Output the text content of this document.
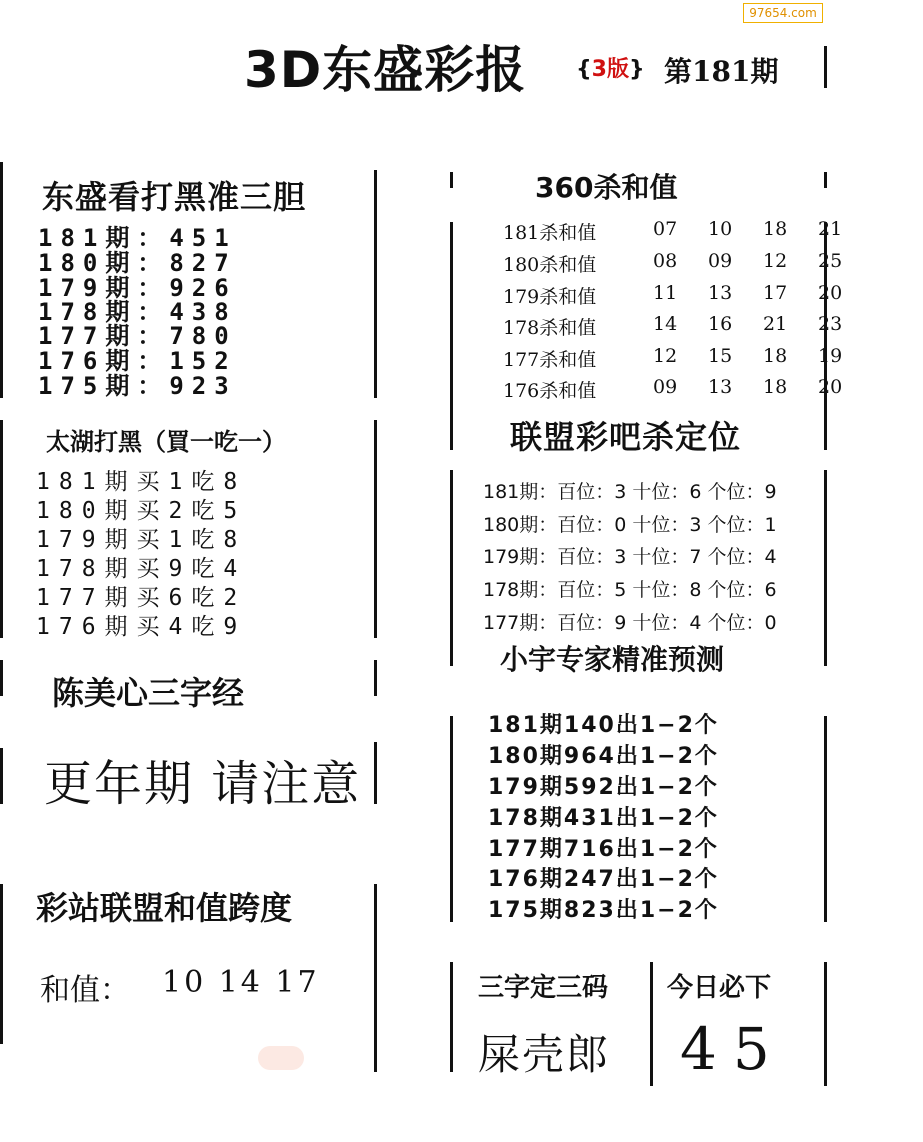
97654.com
3D东盛彩报 {3版} 第181期
东盛看打黑准三胆
181期：451
180期：827
179期：926
178期：438
177期：780
176期：152
175期：923
太湖打黑（買一吃一）
181期买1吃8
180期买2吃5
179期买1吃8
178期买9吃4
177期买6吃2
176期买4吃9
陈美心三字经
更年期 请注意
彩站联盟和值跨度
和值： 10 14 17
360杀和值
181杀和值	07 10 18 21
180杀和值	08 09 12 25
179杀和值	11 13 17 20
178杀和值	14 16 21 23
177杀和值	12 15 18 19
176杀和值	09 13 18 20
联盟彩吧杀定位
181期：百位：3 十位：6 个位：9
180期：百位：0 十位：3 个位：1
179期：百位：3 十位：7 个位：4
178期：百位：5 十位：8 个位：6
177期：百位：9 十位：4 个位：0
小宇专家精准预测
181期140出1−2个
180期964出1−2个
179期592出1−2个
178期431出1−2个
177期716出1−2个
176期247出1−2个
175期823出1−2个
三字定三码
屎壳郎
今日必下
45
